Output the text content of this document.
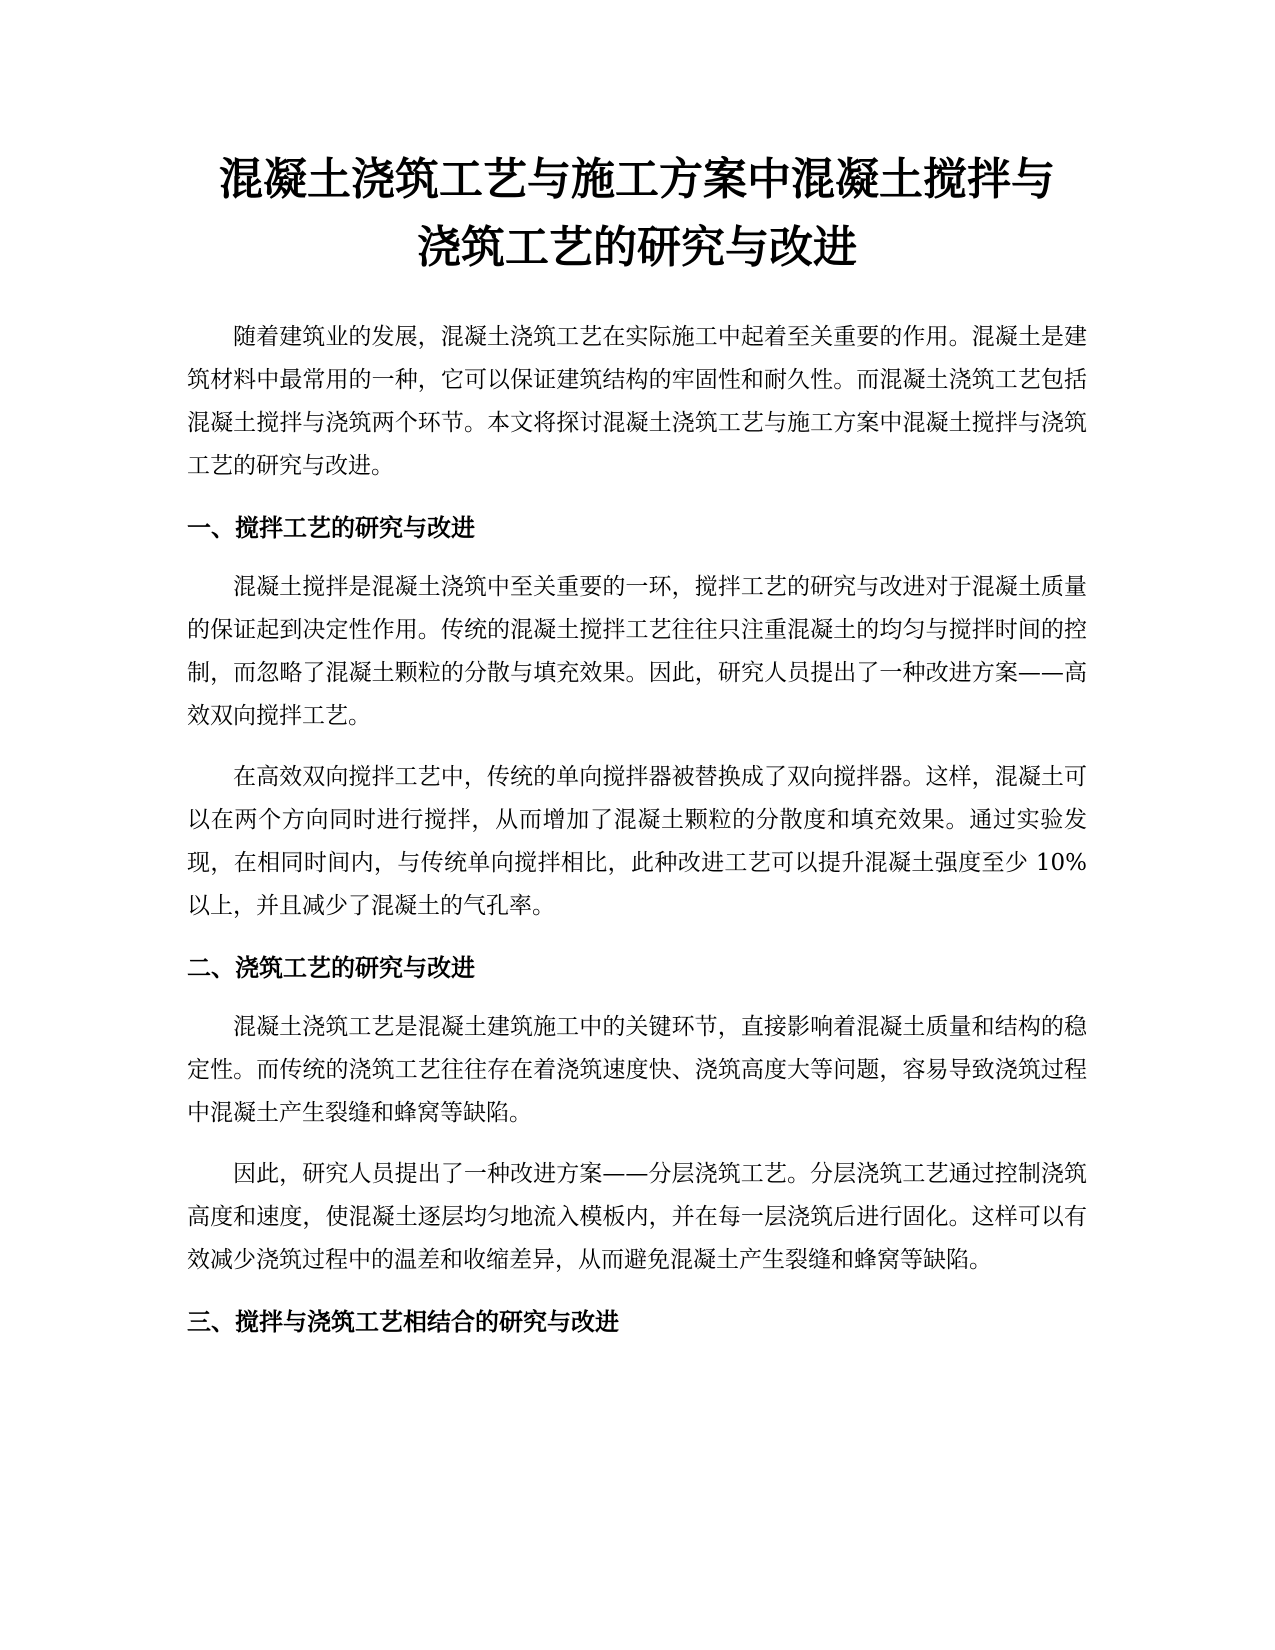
混凝土浇筑工艺与施工方案中混凝土搅拌与
浇筑工艺的研究与改进

随着建筑业的发展，混凝土浇筑工艺在实际施工中起着至关重要的作用。混凝土是建筑材料中最常用的一种，它可以保证建筑结构的牢固性和耐久性。而混凝土浇筑工艺包括混凝土搅拌与浇筑两个环节。本文将探讨混凝土浇筑工艺与施工方案中混凝土搅拌与浇筑工艺的研究与改进。

一、搅拌工艺的研究与改进

混凝土搅拌是混凝土浇筑中至关重要的一环，搅拌工艺的研究与改进对于混凝土质量的保证起到决定性作用。传统的混凝土搅拌工艺往往只注重混凝土的均匀与搅拌时间的控制，而忽略了混凝土颗粒的分散与填充效果。因此，研究人员提出了一种改进方案——高效双向搅拌工艺。

在高效双向搅拌工艺中，传统的单向搅拌器被替换成了双向搅拌器。这样，混凝土可以在两个方向同时进行搅拌，从而增加了混凝土颗粒的分散度和填充效果。通过实验发现，在相同时间内，与传统单向搅拌相比，此种改进工艺可以提升混凝土强度至少 10%以上，并且减少了混凝土的气孔率。

二、浇筑工艺的研究与改进

混凝土浇筑工艺是混凝土建筑施工中的关键环节，直接影响着混凝土质量和结构的稳定性。而传统的浇筑工艺往往存在着浇筑速度快、浇筑高度大等问题，容易导致浇筑过程中混凝土产生裂缝和蜂窝等缺陷。

因此，研究人员提出了一种改进方案——分层浇筑工艺。分层浇筑工艺通过控制浇筑高度和速度，使混凝土逐层均匀地流入模板内，并在每一层浇筑后进行固化。这样可以有效减少浇筑过程中的温差和收缩差异，从而避免混凝土产生裂缝和蜂窝等缺陷。

三、搅拌与浇筑工艺相结合的研究与改进
